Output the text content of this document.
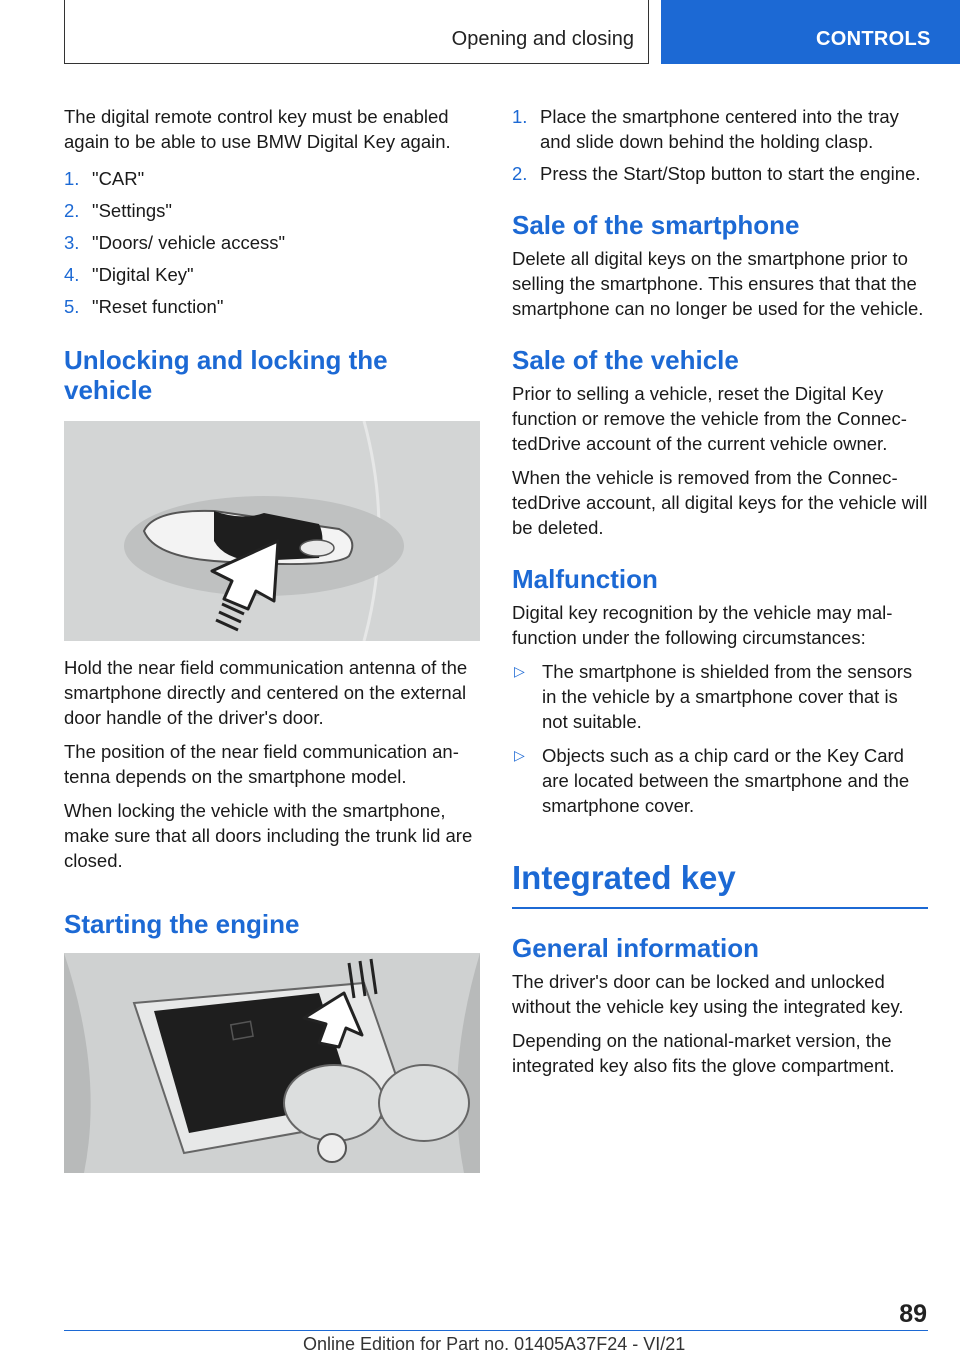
Opening and closing	CONTROLS

The digital remote control key must be enabled again to be able to use BMW Digital Key again.

1. "CAR"
2. "Settings"
3. "Doors/ vehicle access"
4. "Digital Key"
5. "Reset function"
Unlocking and locking the vehicle

Hold the near field communication antenna of the smartphone directly and centered on the external door handle of the driver's door.

The position of the near field communication antenna depends on the smartphone model.

When locking the vehicle with the smartphone, make sure that all doors including the trunk lid are closed.

Starting the engine
1. Place the smartphone centered into the tray and slide down behind the holding clasp.
2. Press the Start/Stop button to start the engine.
Sale of the smartphone

Delete all digital keys on the smartphone prior to selling the smartphone. This ensures that that the smartphone can no longer be used for the vehicle.

Sale of the vehicle

Prior to selling a vehicle, reset the Digital Key function or remove the vehicle from the ConnectedDrive account of the current vehicle owner.

When the vehicle is removed from the ConnectedDrive account, all digital keys for the vehicle will be deleted.

Malfunction

Digital key recognition by the vehicle may malfunction under the following circumstances:

▷ The smartphone is shielded from the sensors in the vehicle by a smartphone cover that is not suitable.
▷ Objects such as a chip card or the Key Card are located between the smartphone and the smartphone cover.
Integrated key
General information

The driver's door can be locked and unlocked without the vehicle key using the integrated key.

Depending on the national-market version, the integrated key also fits the glove compartment.

89
Online Edition for Part no. 01405A37F24 - VI/21
